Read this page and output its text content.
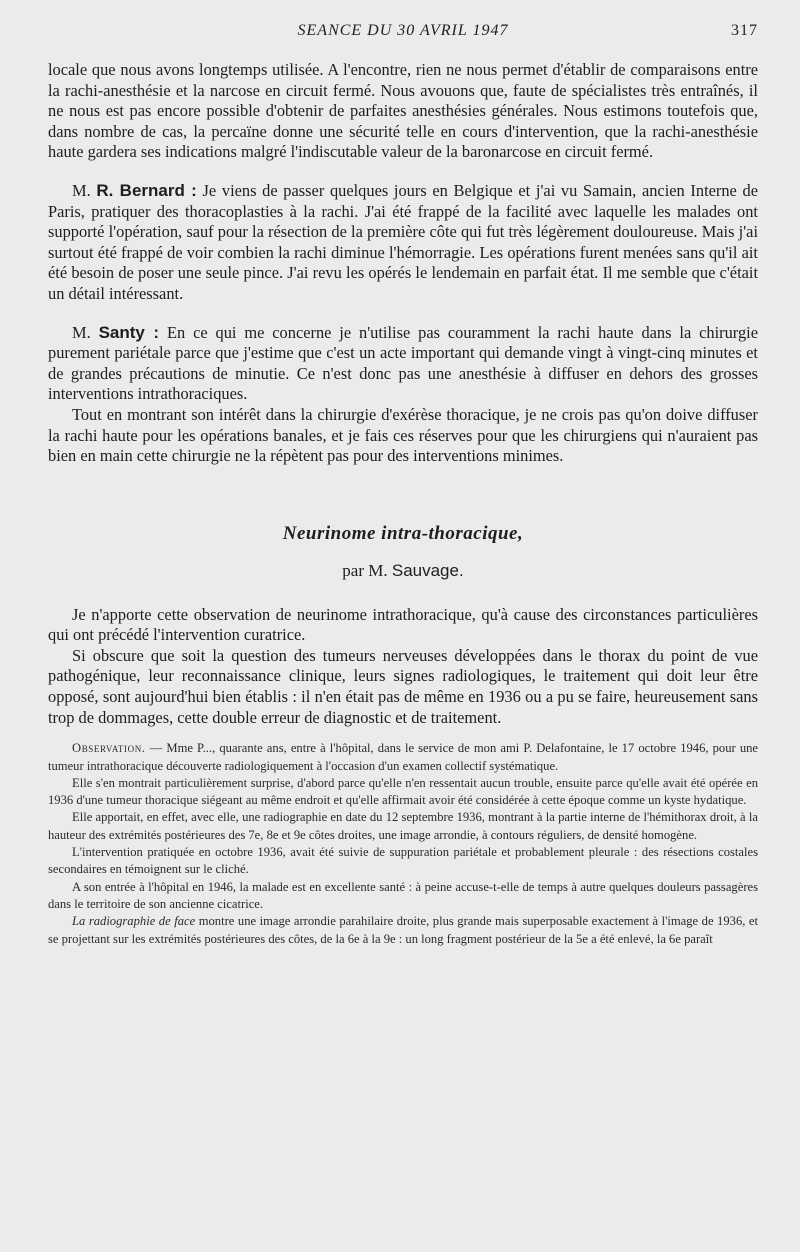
SEANCE DU 30 AVRIL 1947	317

locale que nous avons longtemps utilisée. A l'encontre, rien ne nous permet d'établir de comparaisons entre la rachi-anesthésie et la narcose en circuit fermé. Nous avouons que, faute de spécialistes très entraînés, il ne nous est pas encore possible d'obtenir de parfaites anesthésies générales. Nous estimons toutefois que, dans nombre de cas, la percaïne donne une sécurité telle en cours d'intervention, que la rachi-anesthésie haute gardera ses indications malgré l'indiscutable valeur de la baronarcose en circuit fermé.

M. R. Bernard : Je viens de passer quelques jours en Belgique et j'ai vu Samain, ancien Interne de Paris, pratiquer des thoracoplasties à la rachi. J'ai été frappé de la facilité avec laquelle les malades ont supporté l'opération, sauf pour la résection de la première côte qui fut très légèrement douloureuse. Mais j'ai surtout été frappé de voir combien la rachi diminue l'hémorragie. Les opérations furent menées sans qu'il ait été besoin de poser une seule pince. J'ai revu les opérés le lendemain en parfait état. Il me semble que c'était un détail intéressant.

M. Santy : En ce qui me concerne je n'utilise pas couramment la rachi haute dans la chirurgie purement pariétale parce que j'estime que c'est un acte important qui demande vingt à vingt-cinq minutes et de grandes précautions de minutie. Ce n'est donc pas une anesthésie à diffuser en dehors des grosses interventions intrathoraciques.

Tout en montrant son intérêt dans la chirurgie d'exérèse thoracique, je ne crois pas qu'on doive diffuser la rachi haute pour les opérations banales, et je fais ces réserves pour que les chirurgiens qui n'auraient pas bien en main cette chirurgie ne la répètent pas pour des interventions minimes.

Neurinome intra-thoracique,
par M. Sauvage.

Je n'apporte cette observation de neurinome intrathoracique, qu'à cause des circonstances particulières qui ont précédé l'intervention curatrice.

Si obscure que soit la question des tumeurs nerveuses développées dans le thorax du point de vue pathogénique, leur reconnaissance clinique, leurs signes radiologiques, le traitement qui doit leur être opposé, sont aujourd'hui bien établis : il n'en était pas de même en 1936 ou a pu se faire, heureusement sans trop de dommages, cette double erreur de diagnostic et de traitement.

Observation. — Mme P..., quarante ans, entre à l'hôpital, dans le service de mon ami P. Delafontaine, le 17 octobre 1946, pour une tumeur intrathoracique découverte radiologiquement à l'occasion d'un examen collectif systématique.

Elle s'en montrait particulièrement surprise, d'abord parce qu'elle n'en ressentait aucun trouble, ensuite parce qu'elle avait été opérée en 1936 d'une tumeur thoracique siégeant au même endroit et qu'elle affirmait avoir été considérée à cette époque comme un kyste hydatique.

Elle apportait, en effet, avec elle, une radiographie en date du 12 septembre 1936, montrant à la partie interne de l'hémithorax droit, à la hauteur des extrémités postérieures des 7e, 8e et 9e côtes droites, une image arrondie, à contours réguliers, de densité homogène.

L'intervention pratiquée en octobre 1936, avait été suivie de suppuration pariétale et probablement pleurale : des résections costales secondaires en témoignent sur le cliché.

A son entrée à l'hôpital en 1946, la malade est en excellente santé : à peine accuse-t-elle de temps à autre quelques douleurs passagères dans le territoire de son ancienne cicatrice.

La radiographie de face montre une image arrondie parahilaire droite, plus grande mais superposable exactement à l'image de 1936, et se projettant sur les extrémités postérieures des côtes, de la 6e à la 9e : un long fragment postérieur de la 5e a été enlevé, la 6e paraît
